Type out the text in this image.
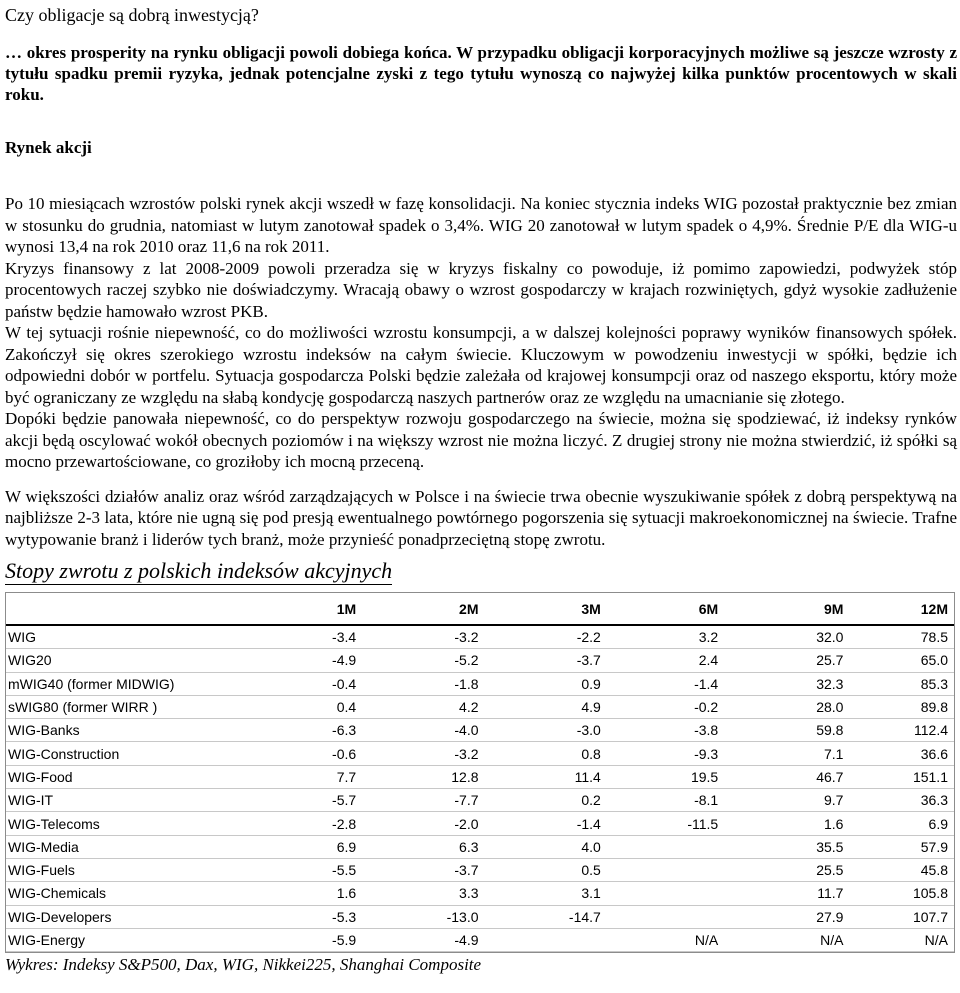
Czy obligacje są dobrą inwestycją?

… okres prosperity na rynku obligacji powoli dobiega końca. W przypadku obligacji korporacyjnych możliwe są jeszcze wzrosty z tytułu spadku premii ryzyka, jednak potencjalne zyski z tego tytułu wynoszą co najwyżej kilka punktów procentowych w skali roku.

Rynek akcji

Po 10 miesiącach wzrostów polski rynek akcji wszedł w fazę konsolidacji. Na koniec stycznia indeks WIG pozostał praktycznie bez zmian w stosunku do grudnia, natomiast w lutym zanotował spadek o 3,4%. WIG 20 zanotował w lutym spadek o 4,9%. Średnie P/E dla WIG-u wynosi 13,4 na rok 2010 oraz 11,6 na rok 2011.

Kryzys finansowy z lat 2008-2009 powoli przeradza się w kryzys fiskalny co powoduje, iż pomimo zapowiedzi, podwyżek stóp procentowych raczej szybko nie doświadczymy. Wracają obawy o wzrost gospodarczy w krajach rozwiniętych, gdyż wysokie zadłużenie państw będzie hamowało wzrost PKB.

W tej sytuacji rośnie niepewność, co do możliwości wzrostu konsumpcji, a w dalszej kolejności poprawy wyników finansowych spółek. Zakończył się okres szerokiego wzrostu indeksów na całym świecie. Kluczowym w powodzeniu inwestycji w spółki, będzie ich odpowiedni dobór w portfelu. Sytuacja gospodarcza Polski będzie zależała od krajowej konsumpcji oraz od naszego eksportu, który może być ograniczany ze względu na słabą kondycję gospodarczą naszych partnerów oraz ze względu na umacnianie się złotego.

Dopóki będzie panowała niepewność, co do perspektyw rozwoju gospodarczego na świecie, można się spodziewać, iż indeksy rynków akcji będą oscylować wokół obecnych poziomów i na większy wzrost nie można liczyć. Z drugiej strony nie można stwierdzić, iż spółki są mocno przewartościowane, co groziłoby ich mocną przeceną.

W większości działów analiz oraz wśród zarządzających w Polsce i na świecie trwa obecnie wyszukiwanie spółek z dobrą perspektywą na najbliższe 2-3 lata, które nie ugną się pod presją ewentualnego powtórnego pogorszenia się sytuacji makroekonomicznej na świecie. Trafne wytypowanie branż i liderów tych branż, może przynieść ponadprzeciętną stopę zwrotu.

Stopy zwrotu z polskich indeksów akcyjnych
	1M	2M	3M	6M	9M	12M
WIG	-3.4	-3.2	-2.2	3.2	32.0	78.5
WIG20	-4.9	-5.2	-3.7	2.4	25.7	65.0
mWIG40 (former MIDWIG)	-0.4	-1.8	0.9	-1.4	32.3	85.3
sWIG80 (former WIRR )	0.4	4.2	4.9	-0.2	28.0	89.8
WIG-Banks	-6.3	-4.0	-3.0	-3.8	59.8	112.4
WIG-Construction	-0.6	-3.2	0.8	-9.3	7.1	36.6
WIG-Food	7.7	12.8	11.4	19.5	46.7	151.1
WIG-IT	-5.7	-7.7	0.2	-8.1	9.7	36.3
WIG-Telecoms	-2.8	-2.0	-1.4	-11.5	1.6	6.9
WIG-Media	6.9	6.3	4.0		35.5	57.9
WIG-Fuels	-5.5	-3.7	0.5		25.5	45.8
WIG-Chemicals	1.6	3.3	3.1		11.7	105.8
WIG-Developers	-5.3	-13.0	-14.7		27.9	107.7
WIG-Energy	-5.9	-4.9		N/A	N/A	N/A
Wykres: Indeksy S&P500, Dax, WIG, Nikkei225, Shanghai Composite
